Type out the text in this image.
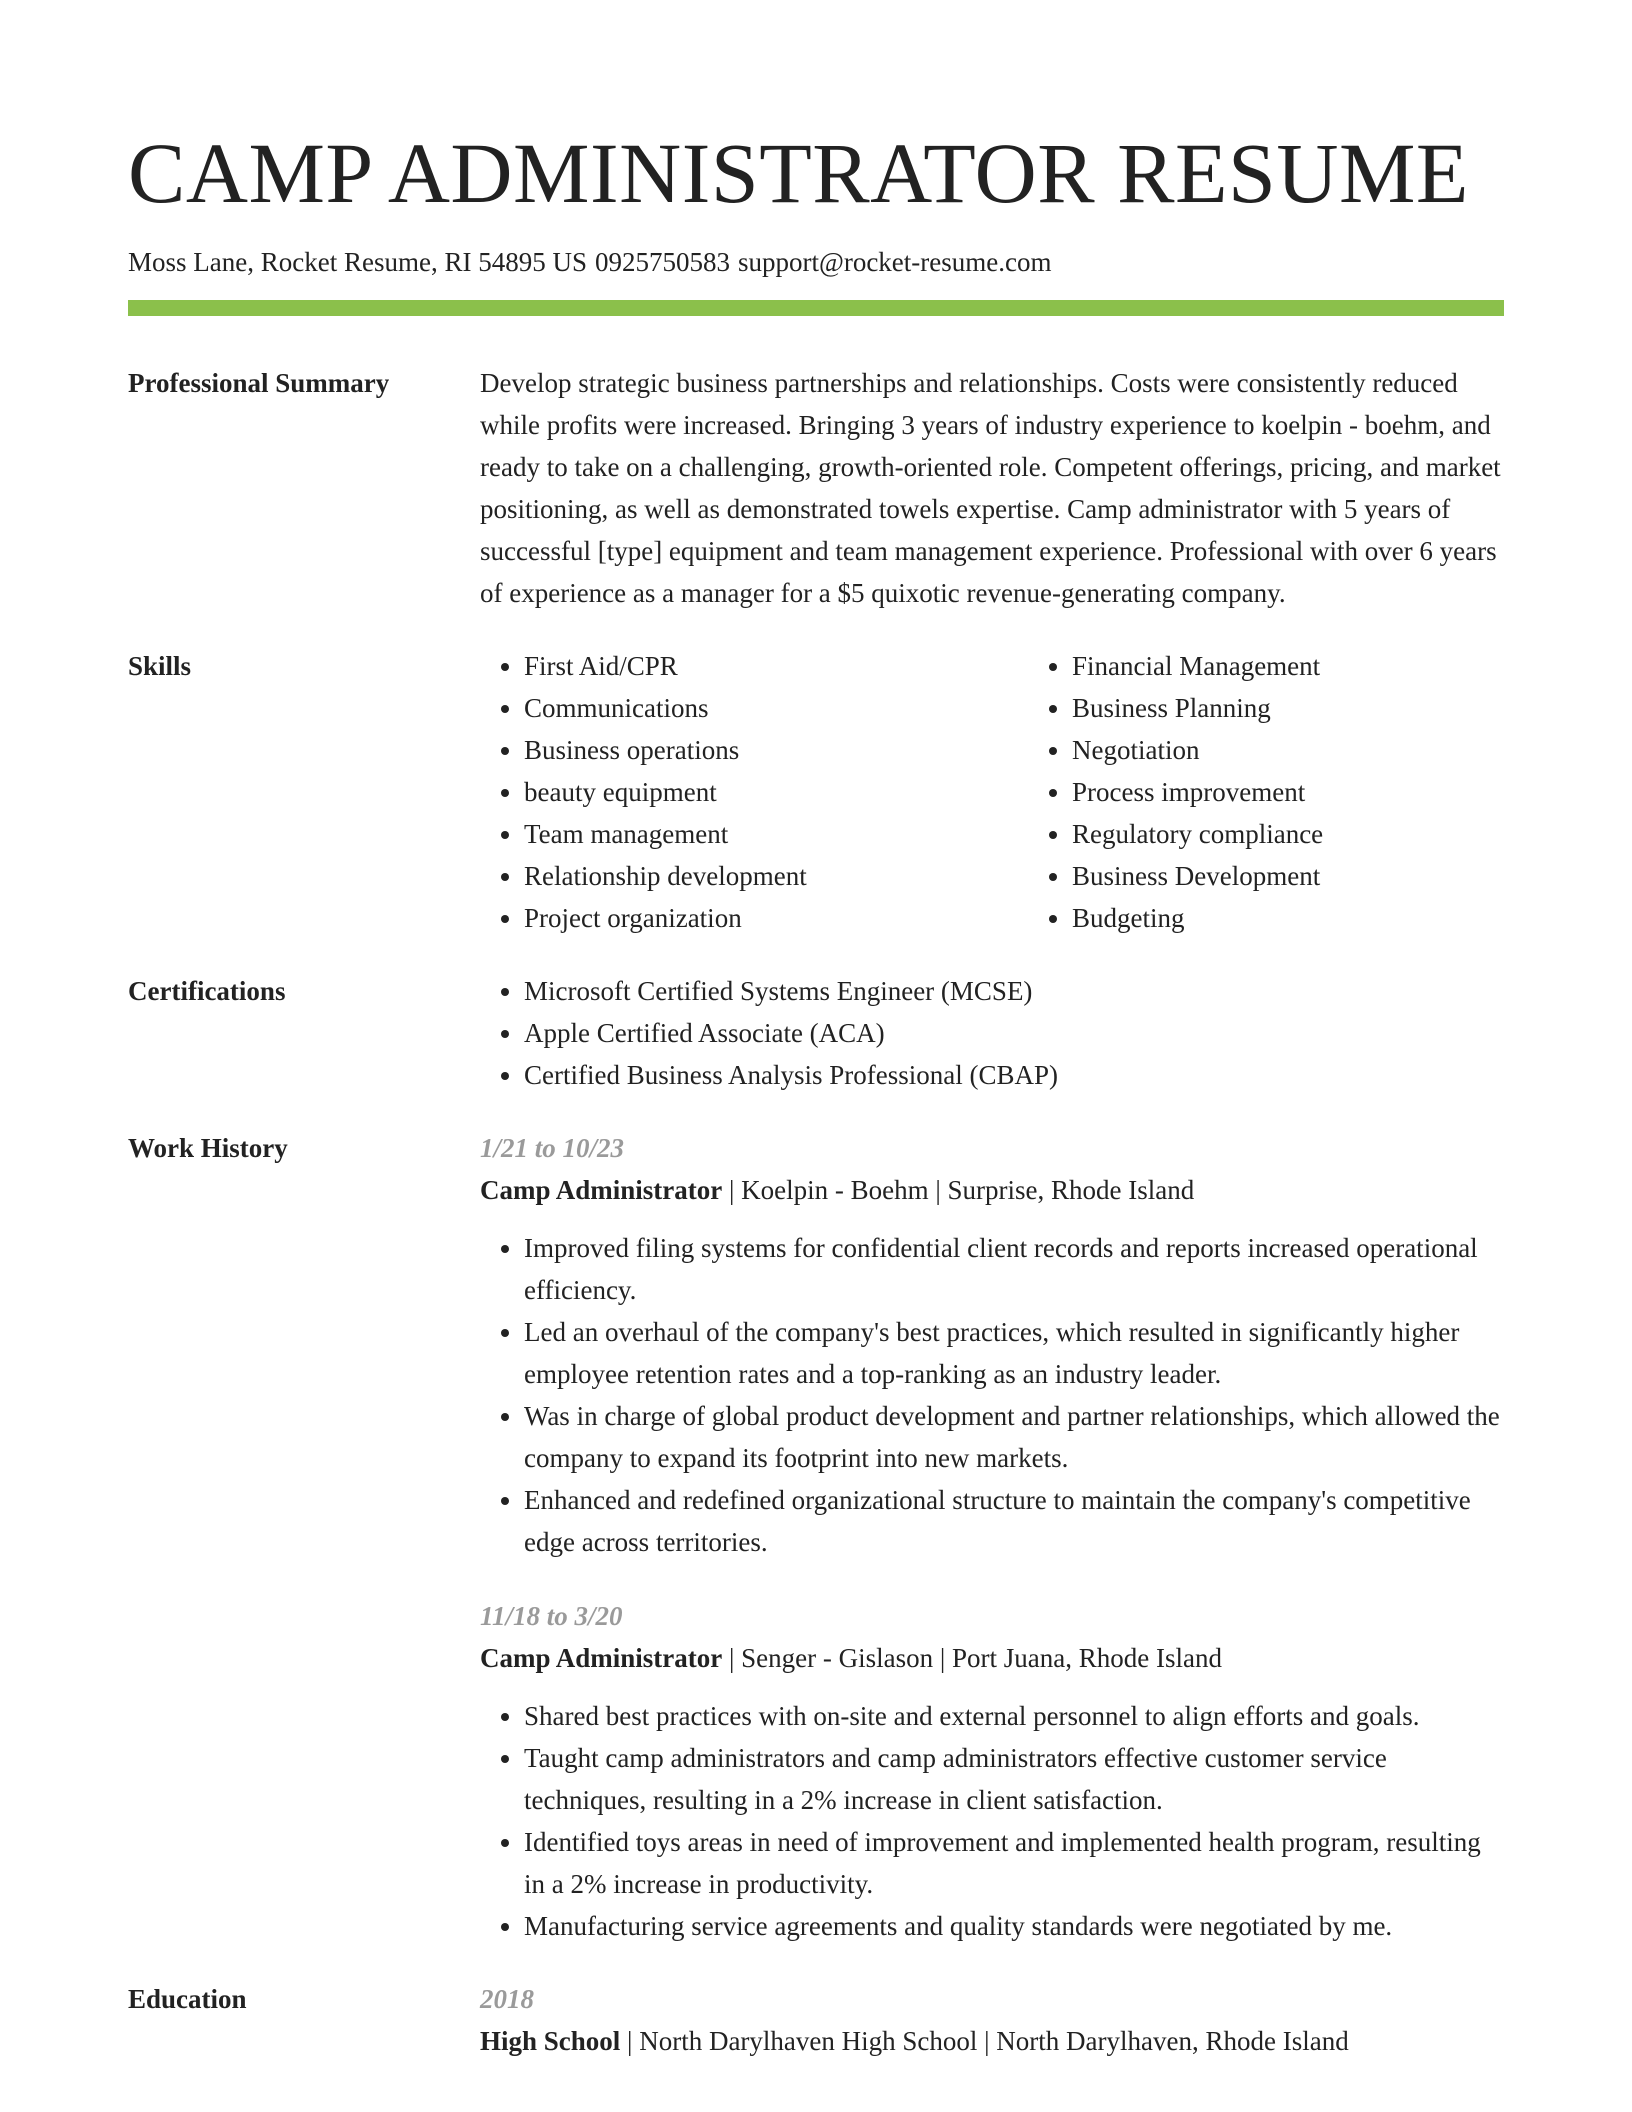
CAMP ADMINISTRATOR RESUME
Moss Lane, Rocket Resume, RI 54895 US 0925750583 support@rocket-resume.com
Professional Summary	Develop strategic business partnerships and relationships. Costs were consistently reduced while profits were increased. Bringing 3 years of industry experience to koelpin - boehm, and ready to take on a challenging, growth-oriented role. Competent offerings, pricing, and market positioning, as well as demonstrated towels expertise. Camp administrator with 5 years of successful [type] equipment and team management experience. Professional with over 6 years of experience as a manager for a $5 quixotic revenue-generating company.

Skills	• First Aid/CPR
• Communications
• Business operations
• beauty equipment
• Team management
• Relationship development
• Project organization
• Financial Management
• Business Planning
• Negotiation
• Process improvement
• Regulatory compliance
• Business Development
• Budgeting
Certifications	• Microsoft Certified Systems Engineer (MCSE)
• Apple Certified Associate (ACA)
• Certified Business Analysis Professional (CBAP)
Work History	1/21 to 10/23
Camp Administrator | Koelpin - Boehm | Surprise, Rhode Island
• Improved filing systems for confidential client records and reports increased operational efficiency.
• Led an overhaul of the company's best practices, which resulted in significantly higher employee retention rates and a top-ranking as an industry leader.
• Was in charge of global product development and partner relationships, which allowed the company to expand its footprint into new markets.
• Enhanced and redefined organizational structure to maintain the company's competitive edge across territories.
11/18 to 3/20
Camp Administrator | Senger - Gislason | Port Juana, Rhode Island
• Shared best practices with on-site and external personnel to align efforts and goals.
• Taught camp administrators and camp administrators effective customer service techniques, resulting in a 2% increase in client satisfaction.
• Identified toys areas in need of improvement and implemented health program, resulting in a 2% increase in productivity.
• Manufacturing service agreements and quality standards were negotiated by me.
Education	2018
High School | North Darylhaven High School | North Darylhaven, Rhode Island
